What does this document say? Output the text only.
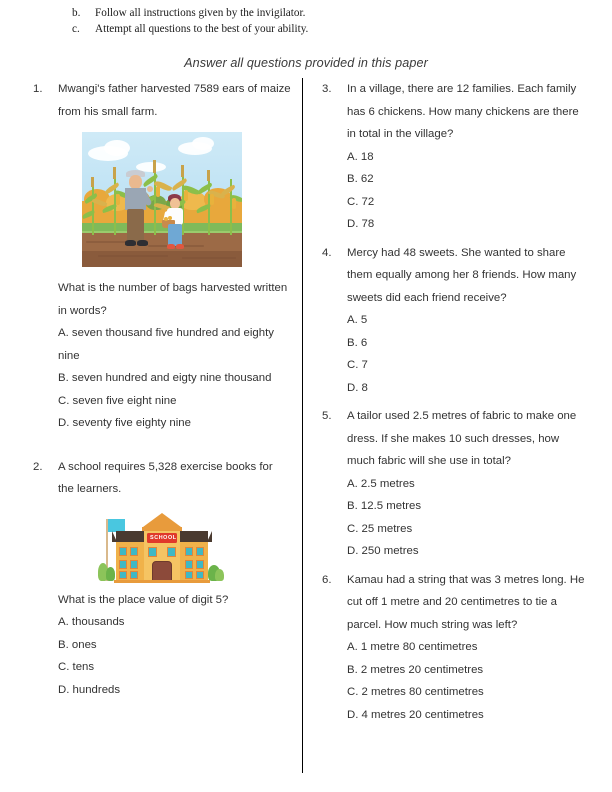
b.	Follow all instructions given by the invigilator.
c.	Attempt all questions to the best of your ability.
Answer all questions provided in this paper
1.	Mwangi's father harvested 7589 ears of maize from his small farm.
What is the number of bags harvested written in words?
A. seven thousand five hundred and eighty nine
B. seven hundred and eigty nine thousand
C. seven five eight nine
D. seventy five eighty nine
2.	A school requires 5,328 exercise books for the learners.
SCHOOL
What is the place value of digit 5?
A. thousands
B. ones
C. tens
D. hundreds
3.	In a village, there are 12 families. Each family has 6 chickens. How many chickens are there in total in the village?
A. 18
B. 62
C. 72
D. 78
4.	Mercy had 48 sweets. She wanted to share them equally among her 8 friends. How many sweets did each friend receive?
A. 5
B. 6
C. 7
D. 8
5.	A tailor used 2.5 metres of fabric to make one dress. If she makes 10 such dresses, how much fabric will she use in total?
A. 2.5 metres
B. 12.5 metres
C. 25 metres
D. 250 metres
6.	Kamau had a string that was 3 metres long. He cut off 1 metre and 20 centimetres to tie a parcel. How much string was left?
A. 1 metre 80 centimetres
B. 2 metres 20 centimetres
C. 2 metres 80 centimetres
D. 4 metres 20 centimetres
